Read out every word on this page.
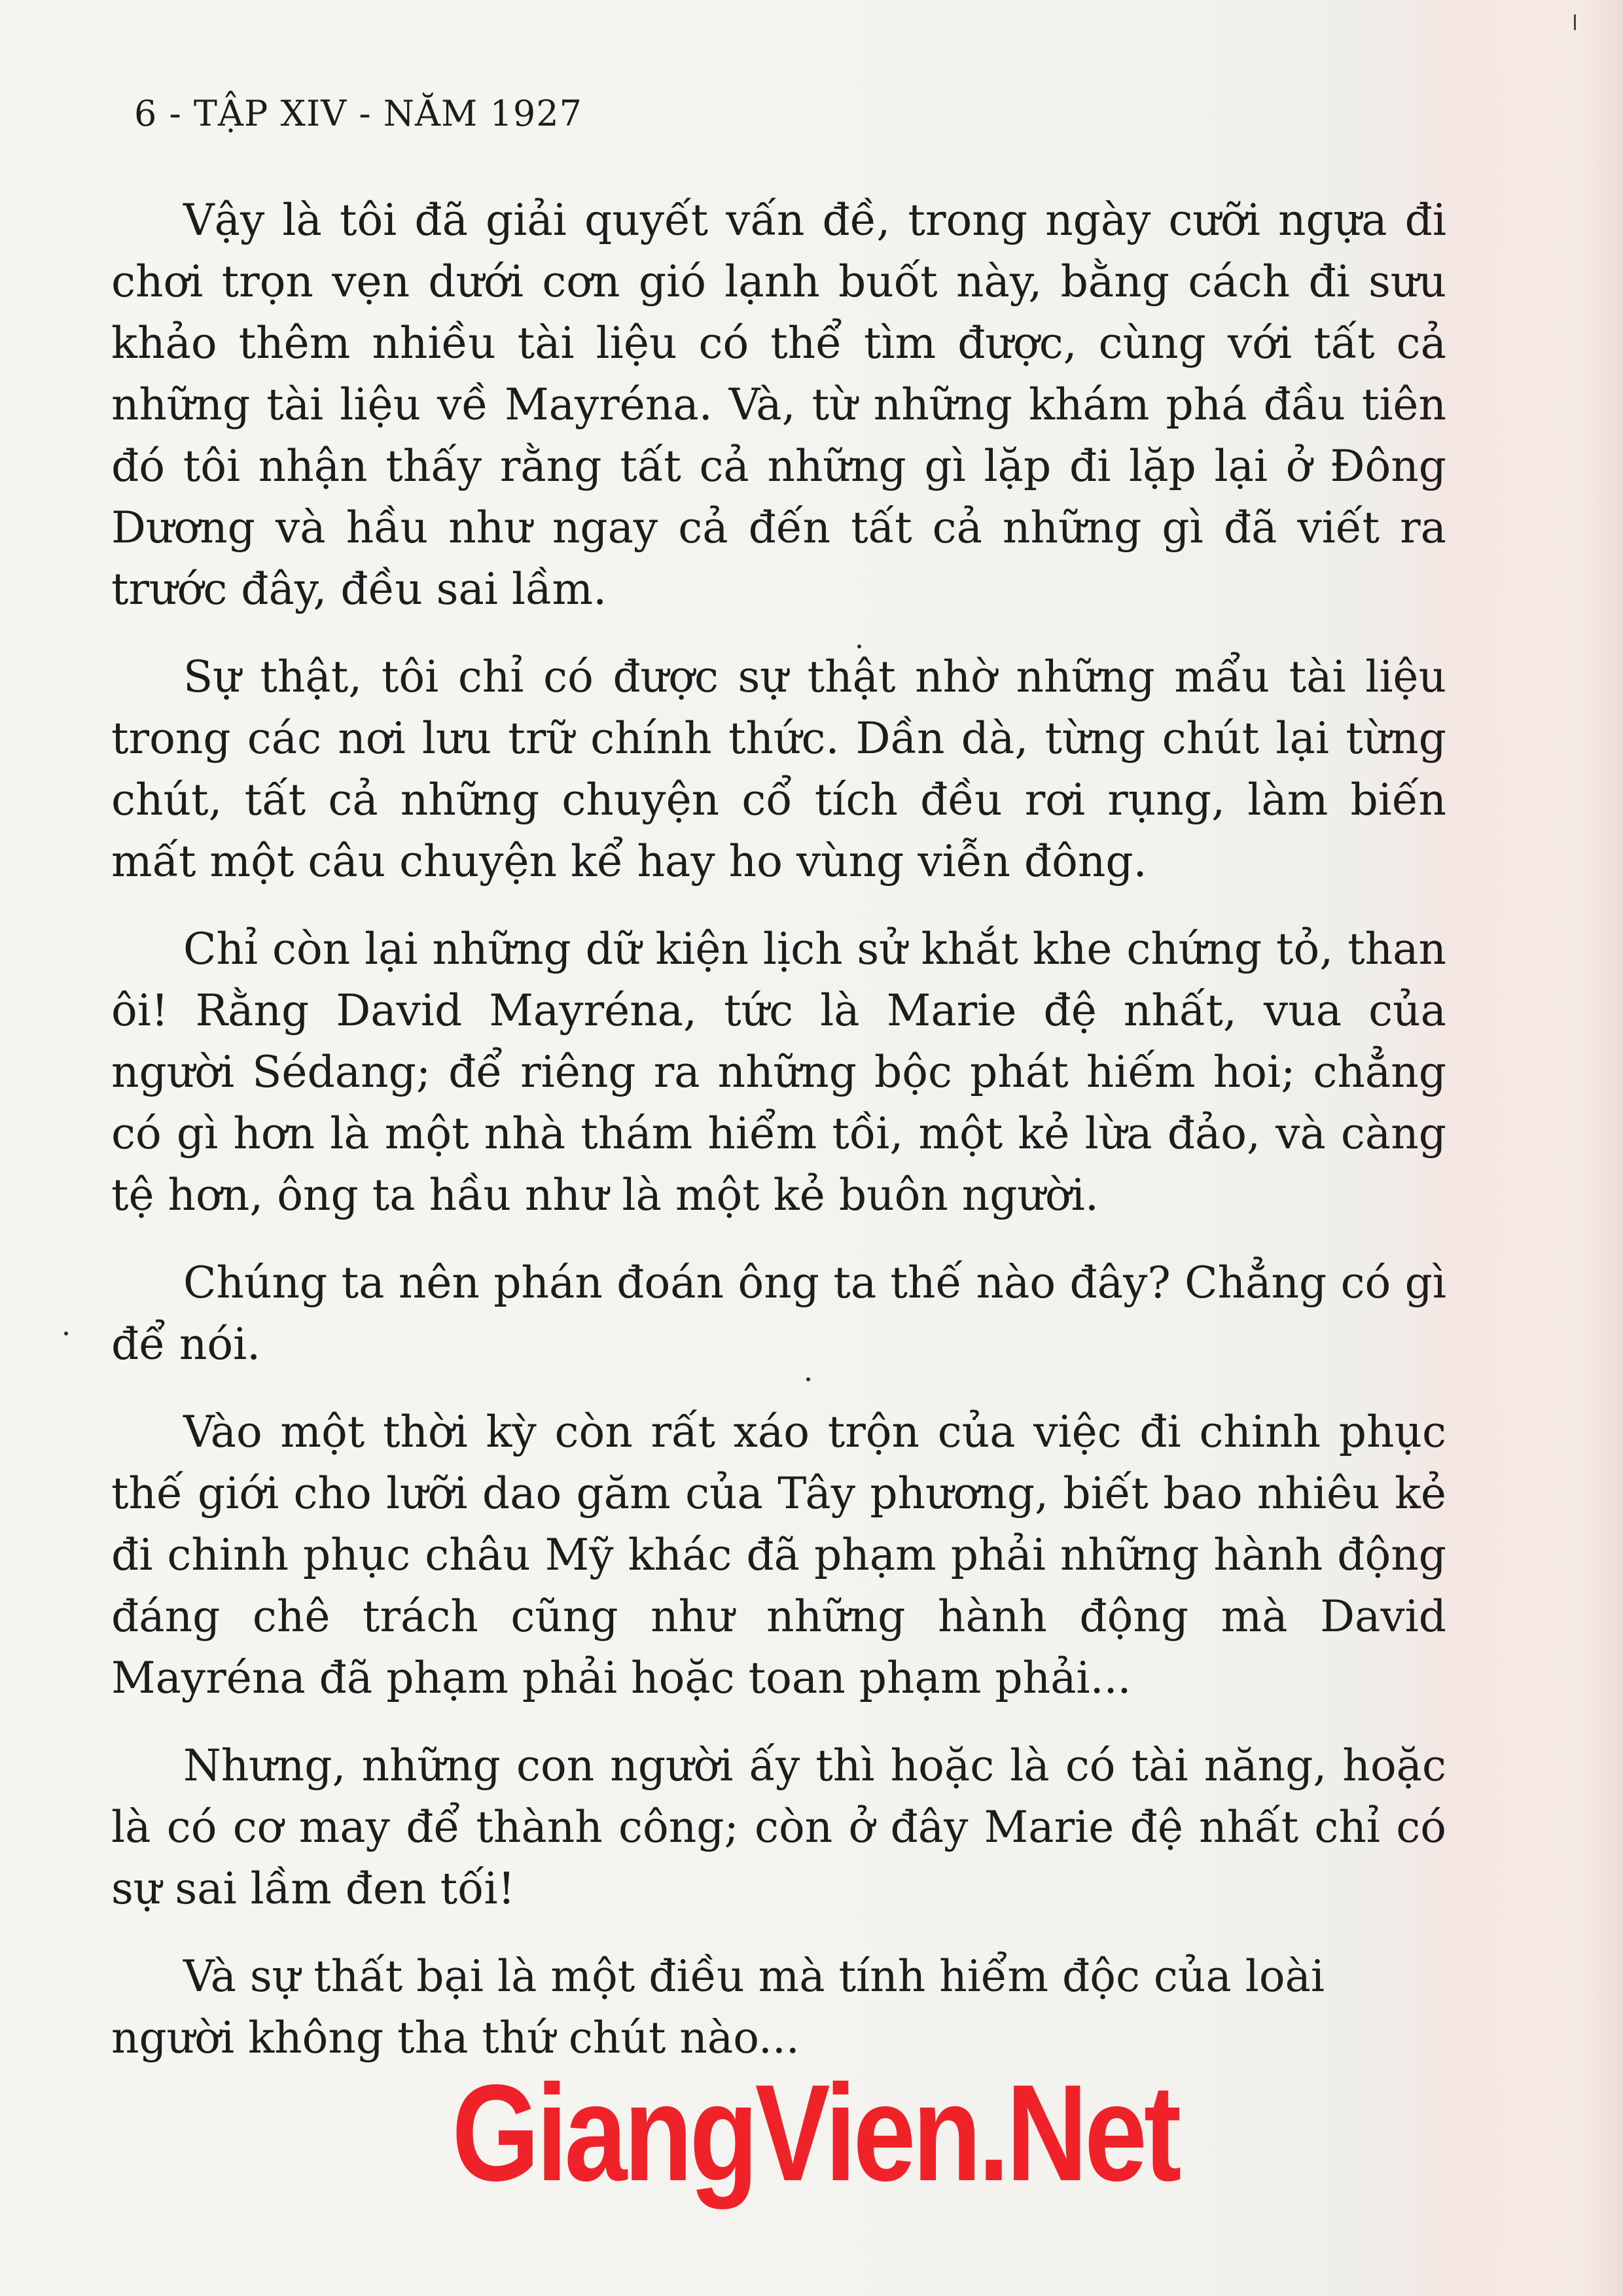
6 - TẬP XIV - NĂM 1927

Vậy là tôi đã giải quyết vấn đề, trong ngày cưỡi ngựa đi chơi trọn vẹn dưới cơn gió lạnh buốt này, bằng cách đi sưu khảo thêm nhiều tài liệu có thể tìm được, cùng với tất cả những tài liệu về Mayréna. Và, từ những khám phá đầu tiên đó tôi nhận thấy rằng tất cả những gì lặp đi lặp lại ở Đông Dương và hầu như ngay cả đến tất cả những gì đã viết ra trước đây, đều sai lầm.

Sự thật, tôi chỉ có được sự thật nhờ những mẩu tài liệu trong các nơi lưu trữ chính thức. Dần dà, từng chút lại từng chút, tất cả những chuyện cổ tích đều rơi rụng, làm biến mất một câu chuyện kể hay ho vùng viễn đông.

Chỉ còn lại những dữ kiện lịch sử khắt khe chứng tỏ, than ôi! Rằng David Mayréna, tức là Marie đệ nhất, vua của người Sédang; để riêng ra những bộc phát hiếm hoi; chẳng có gì hơn là một nhà thám hiểm tồi, một kẻ lừa đảo, và càng tệ hơn, ông ta hầu như là một kẻ buôn người.

Chúng ta nên phán đoán ông ta thế nào đây? Chẳng có gì để nói.

Vào một thời kỳ còn rất xáo trộn của việc đi chinh phục thế giới cho lưỡi dao găm của Tây phương, biết bao nhiêu kẻ đi chinh phục châu Mỹ khác đã phạm phải những hành động đáng chê trách cũng như những hành động mà David Mayréna đã phạm phải hoặc toan phạm phải...

Nhưng, những con người ấy thì hoặc là có tài năng, hoặc là có cơ may để thành công; còn ở đây Marie đệ nhất chỉ có sự sai lầm đen tối!

Và sự thất bại là một điều mà tính hiểm độc của loài người không tha thứ chút nào...

GiangVien.Net
